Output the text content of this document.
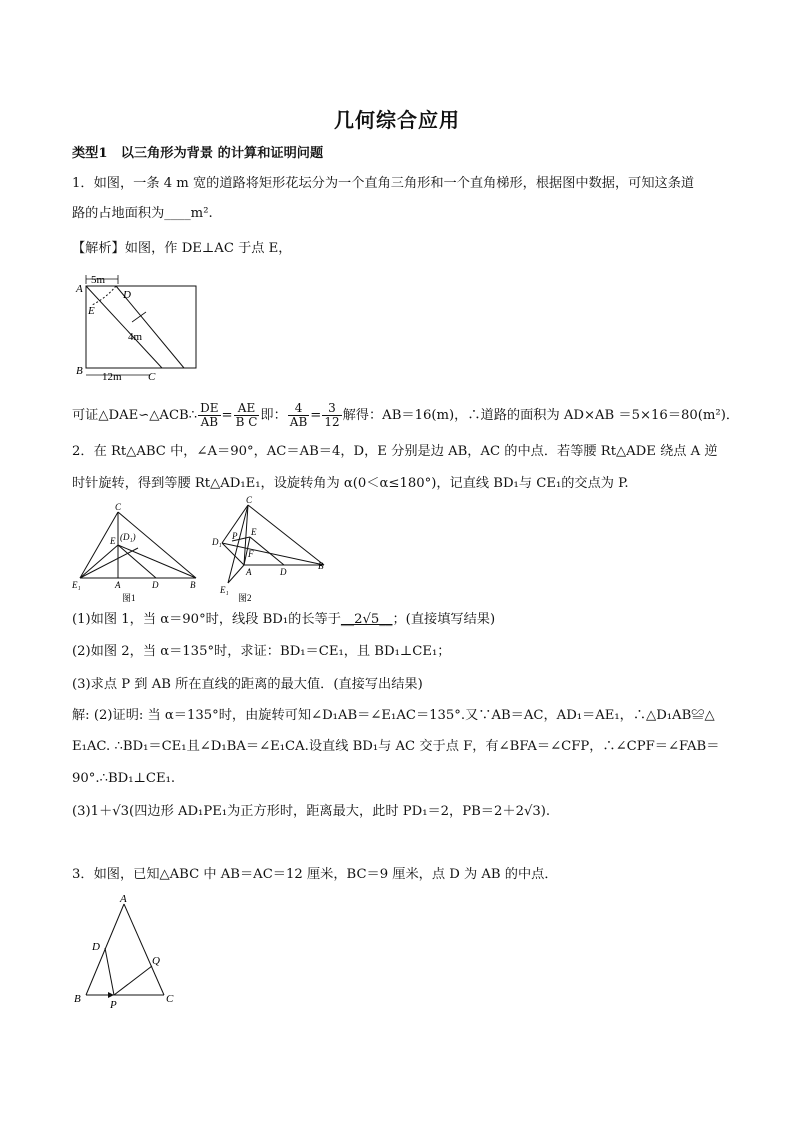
几何综合应用
类型1　以三角形为背景 的计算和证明问题
1．如图，一条 4 m 宽的道路将矩形花坛分为一个直角三角形和一个直角梯形，根据图中数据，可知这条道
路的占地面积为____m².
【解析】如图，作 DE⊥AC 于点 E，
5m
A	D
E
4m
B 12m C
可证△DAE∽△ACB∴ $\frac{DE}{AB} = \frac{AE}{\text{B C}}$ 即： $\frac{4}{AB} = \frac{3}{12}$ 解得：AB＝16(m)，∴道路的面积为 AD×AB ＝5×16＝80(m²)．
2．在 Rt△ABC 中，∠A＝90°，AC＝AB＝4，D，E 分别是边 AB，AC 的中点．若等腰 Rt△ADE 绕点 A 逆
时针旋转，得到等腰 Rt△AD₁E₁，设旋转角为 α(0＜α≤180°)，记直线 BD₁与 CE₁的交点为 P.
C
E (D₁)
E₁	A	D	B
图1
C
E
D₁
P
F
D
A
E₁
B
图2
(1)如图 1，当 α＝90°时，线段 BD₁的长等于__2√5__；(直接填写结果)
(2)如图 2，当 α＝135°时，求证：BD₁＝CE₁，且 BD₁⊥CE₁；
(3)求点 P 到 AB 所在直线的距离的最大值．(直接写出结果)
解: (2)证明: 当 α＝135°时，由旋转可知∠D₁AB＝∠E₁AC＝135°.又∵AB＝AC，AD₁＝AE₁，∴△D₁AB≌△
E₁AC. ∴BD₁＝CE₁且∠D₁BA＝∠E₁CA.设直线 BD₁与 AC 交于点 F，有∠BFA＝∠CFP，∴∠CPF＝∠FAB＝
90°.∴BD₁⊥CE₁.
(3)1＋√3(四边形 AD₁PE₁为正方形时，距离最大，此时 PD₁＝2，PB＝2＋2√3).
3．如图，已知△ABC 中 AB＝AC＝12 厘米，BC＝9 厘米，点 D 为 AB 的中点．
A
D
Q
B	P	C
